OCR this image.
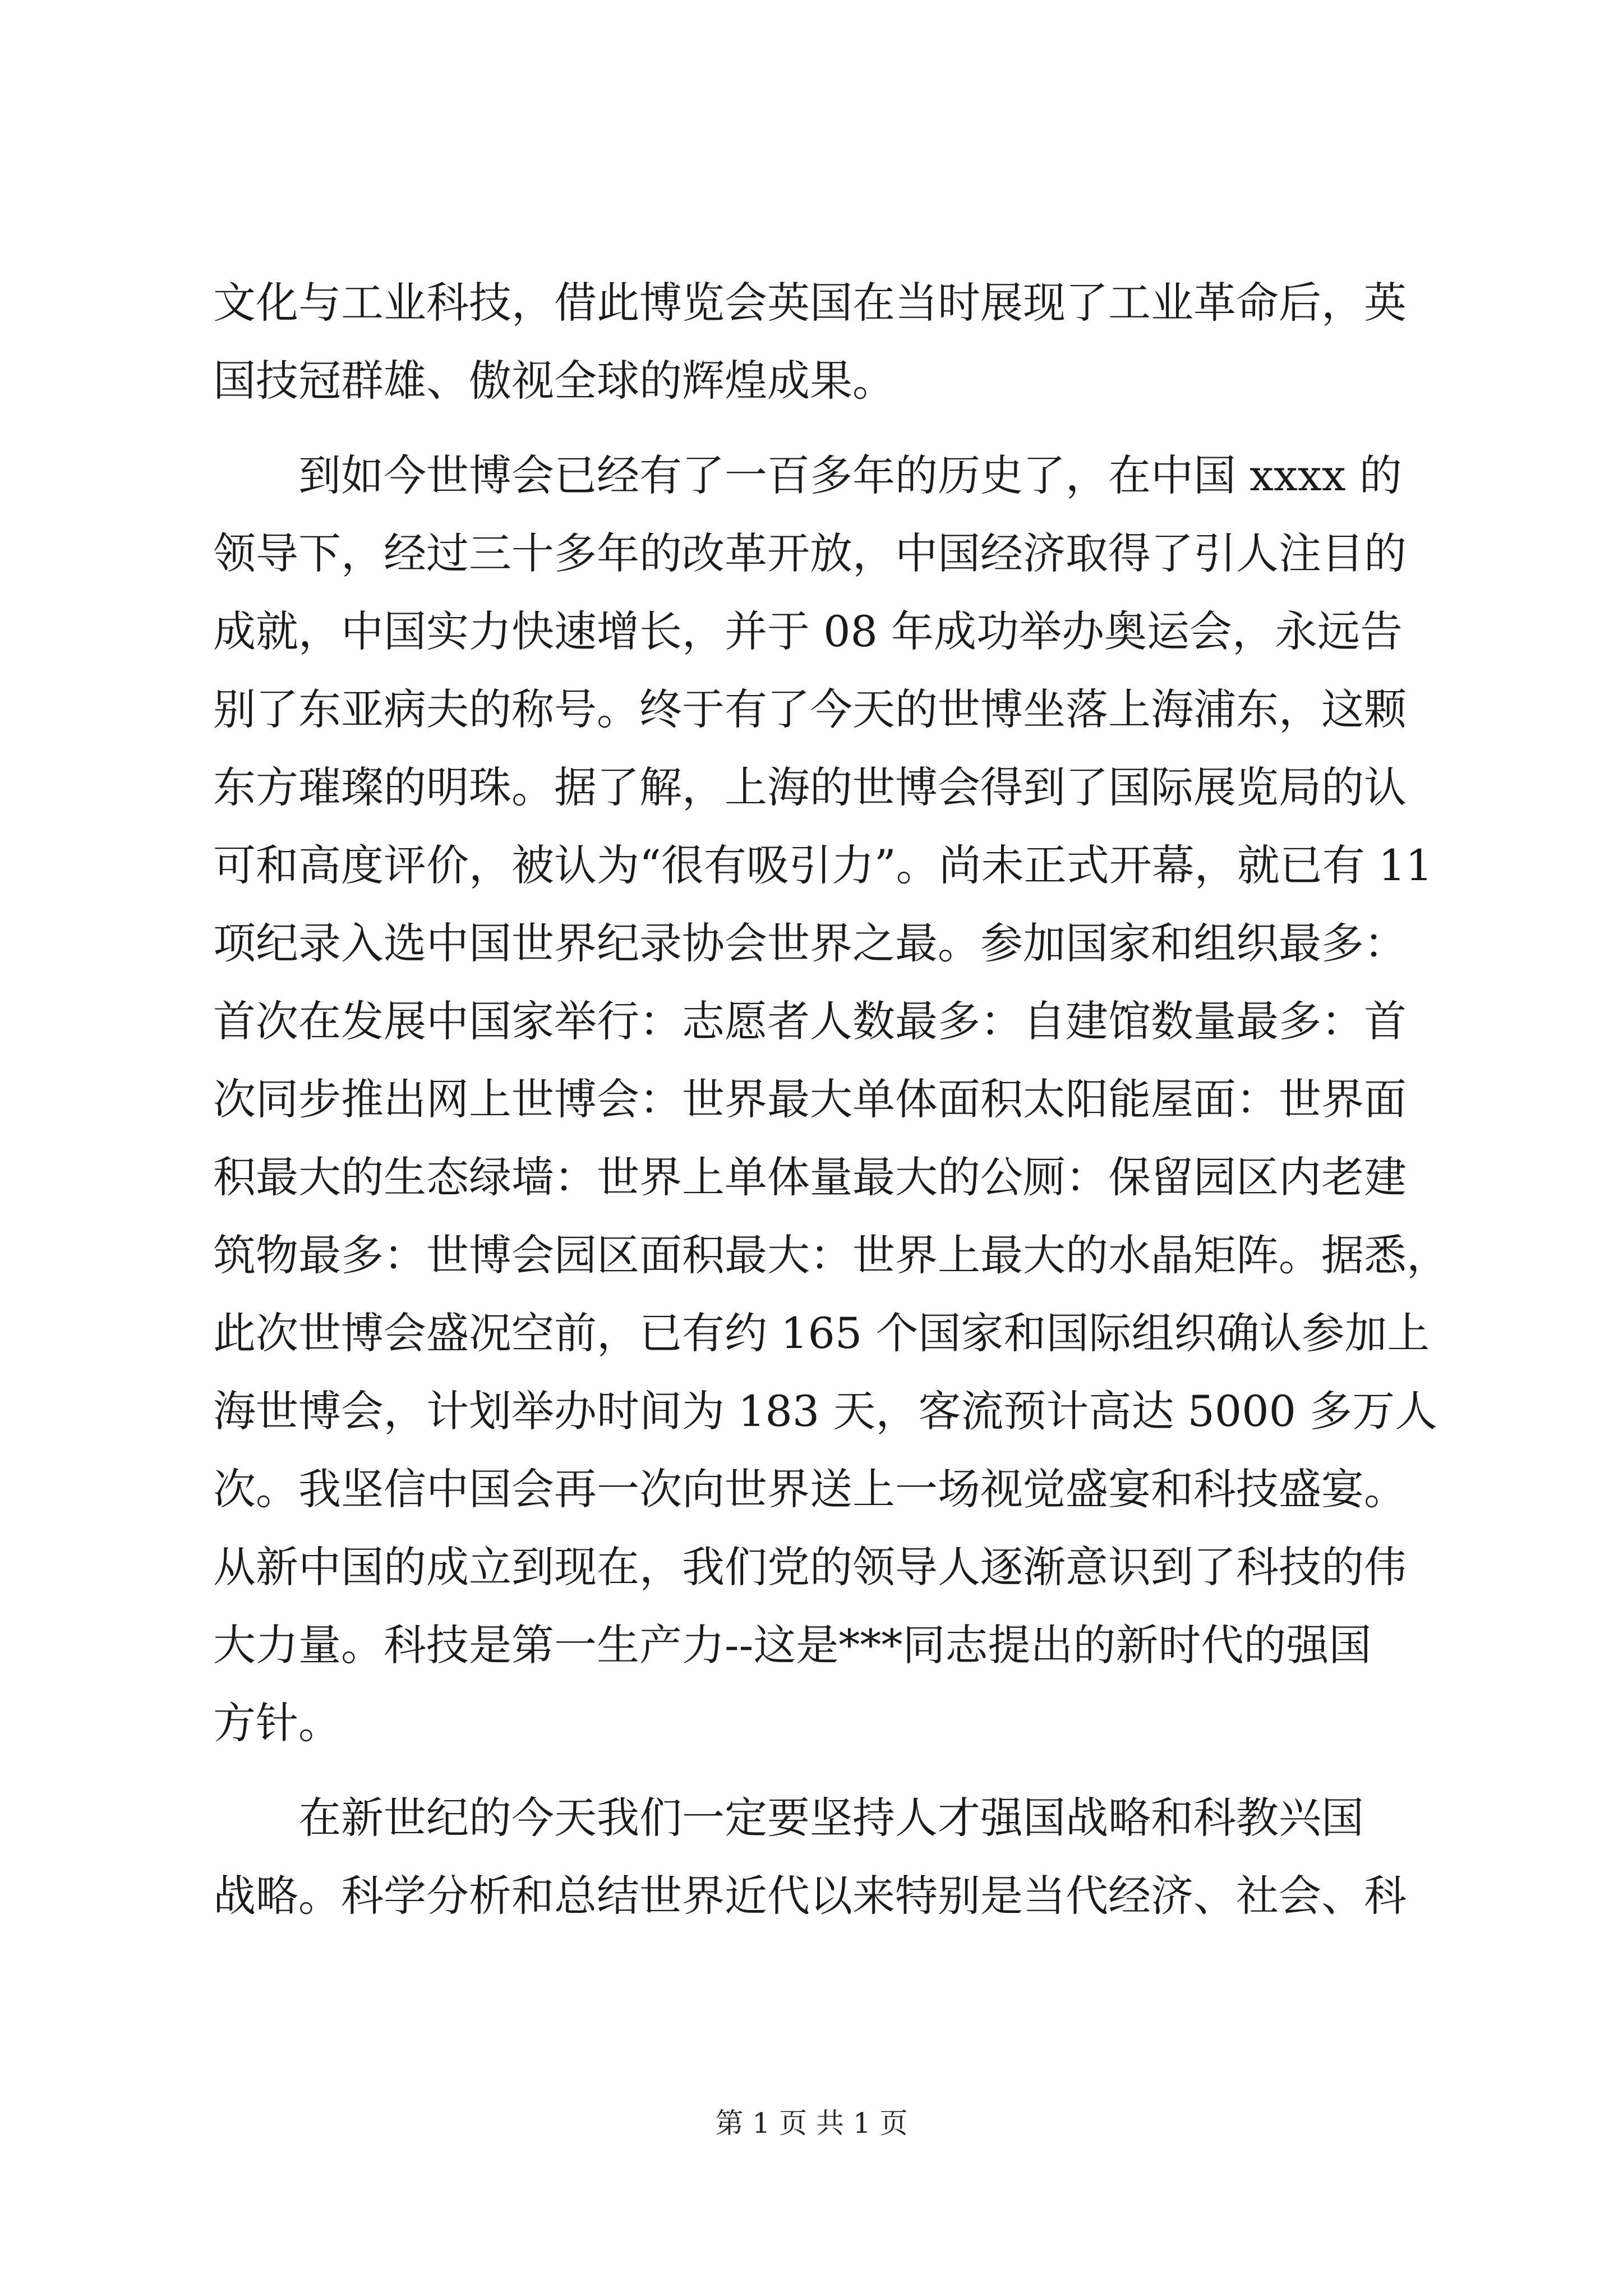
文化与工业科技，借此博览会英国在当时展现了工业革命后，英
国技冠群雄、傲视全球的辉煌成果。
　　到如今世博会已经有了一百多年的历史了，在中国 xxxx 的
领导下，经过三十多年的改革开放，中国经济取得了引人注目的
成就，中国实力快速增长，并于 08 年成功举办奥运会，永远告
别了东亚病夫的称号。终于有了今天的世博坐落上海浦东，这颗
东方璀璨的明珠。据了解，上海的世博会得到了国际展览局的认
可和高度评价，被认为“很有吸引力”。尚未正式开幕，就已有 11
项纪录入选中国世界纪录协会世界之最。参加国家和组织最多：
首次在发展中国家举行：志愿者人数最多：自建馆数量最多：首
次同步推出网上世博会：世界最大单体面积太阳能屋面：世界面
积最大的生态绿墙：世界上单体量最大的公厕：保留园区内老建
筑物最多：世博会园区面积最大：世界上最大的水晶矩阵。据悉，
此次世博会盛况空前，已有约 165 个国家和国际组织确认参加上
海世博会，计划举办时间为 183 天，客流预计高达 5000 多万人
次。我坚信中国会再一次向世界送上一场视觉盛宴和科技盛宴。
从新中国的成立到现在，我们党的领导人逐渐意识到了科技的伟
大力量。科技是第一生产力--这是***同志提出的新时代的强国
方针。
　　在新世纪的今天我们一定要坚持人才强国战略和科教兴国
战略。科学分析和总结世界近代以来特别是当代经济、社会、科
第 1 页 共 1 页
